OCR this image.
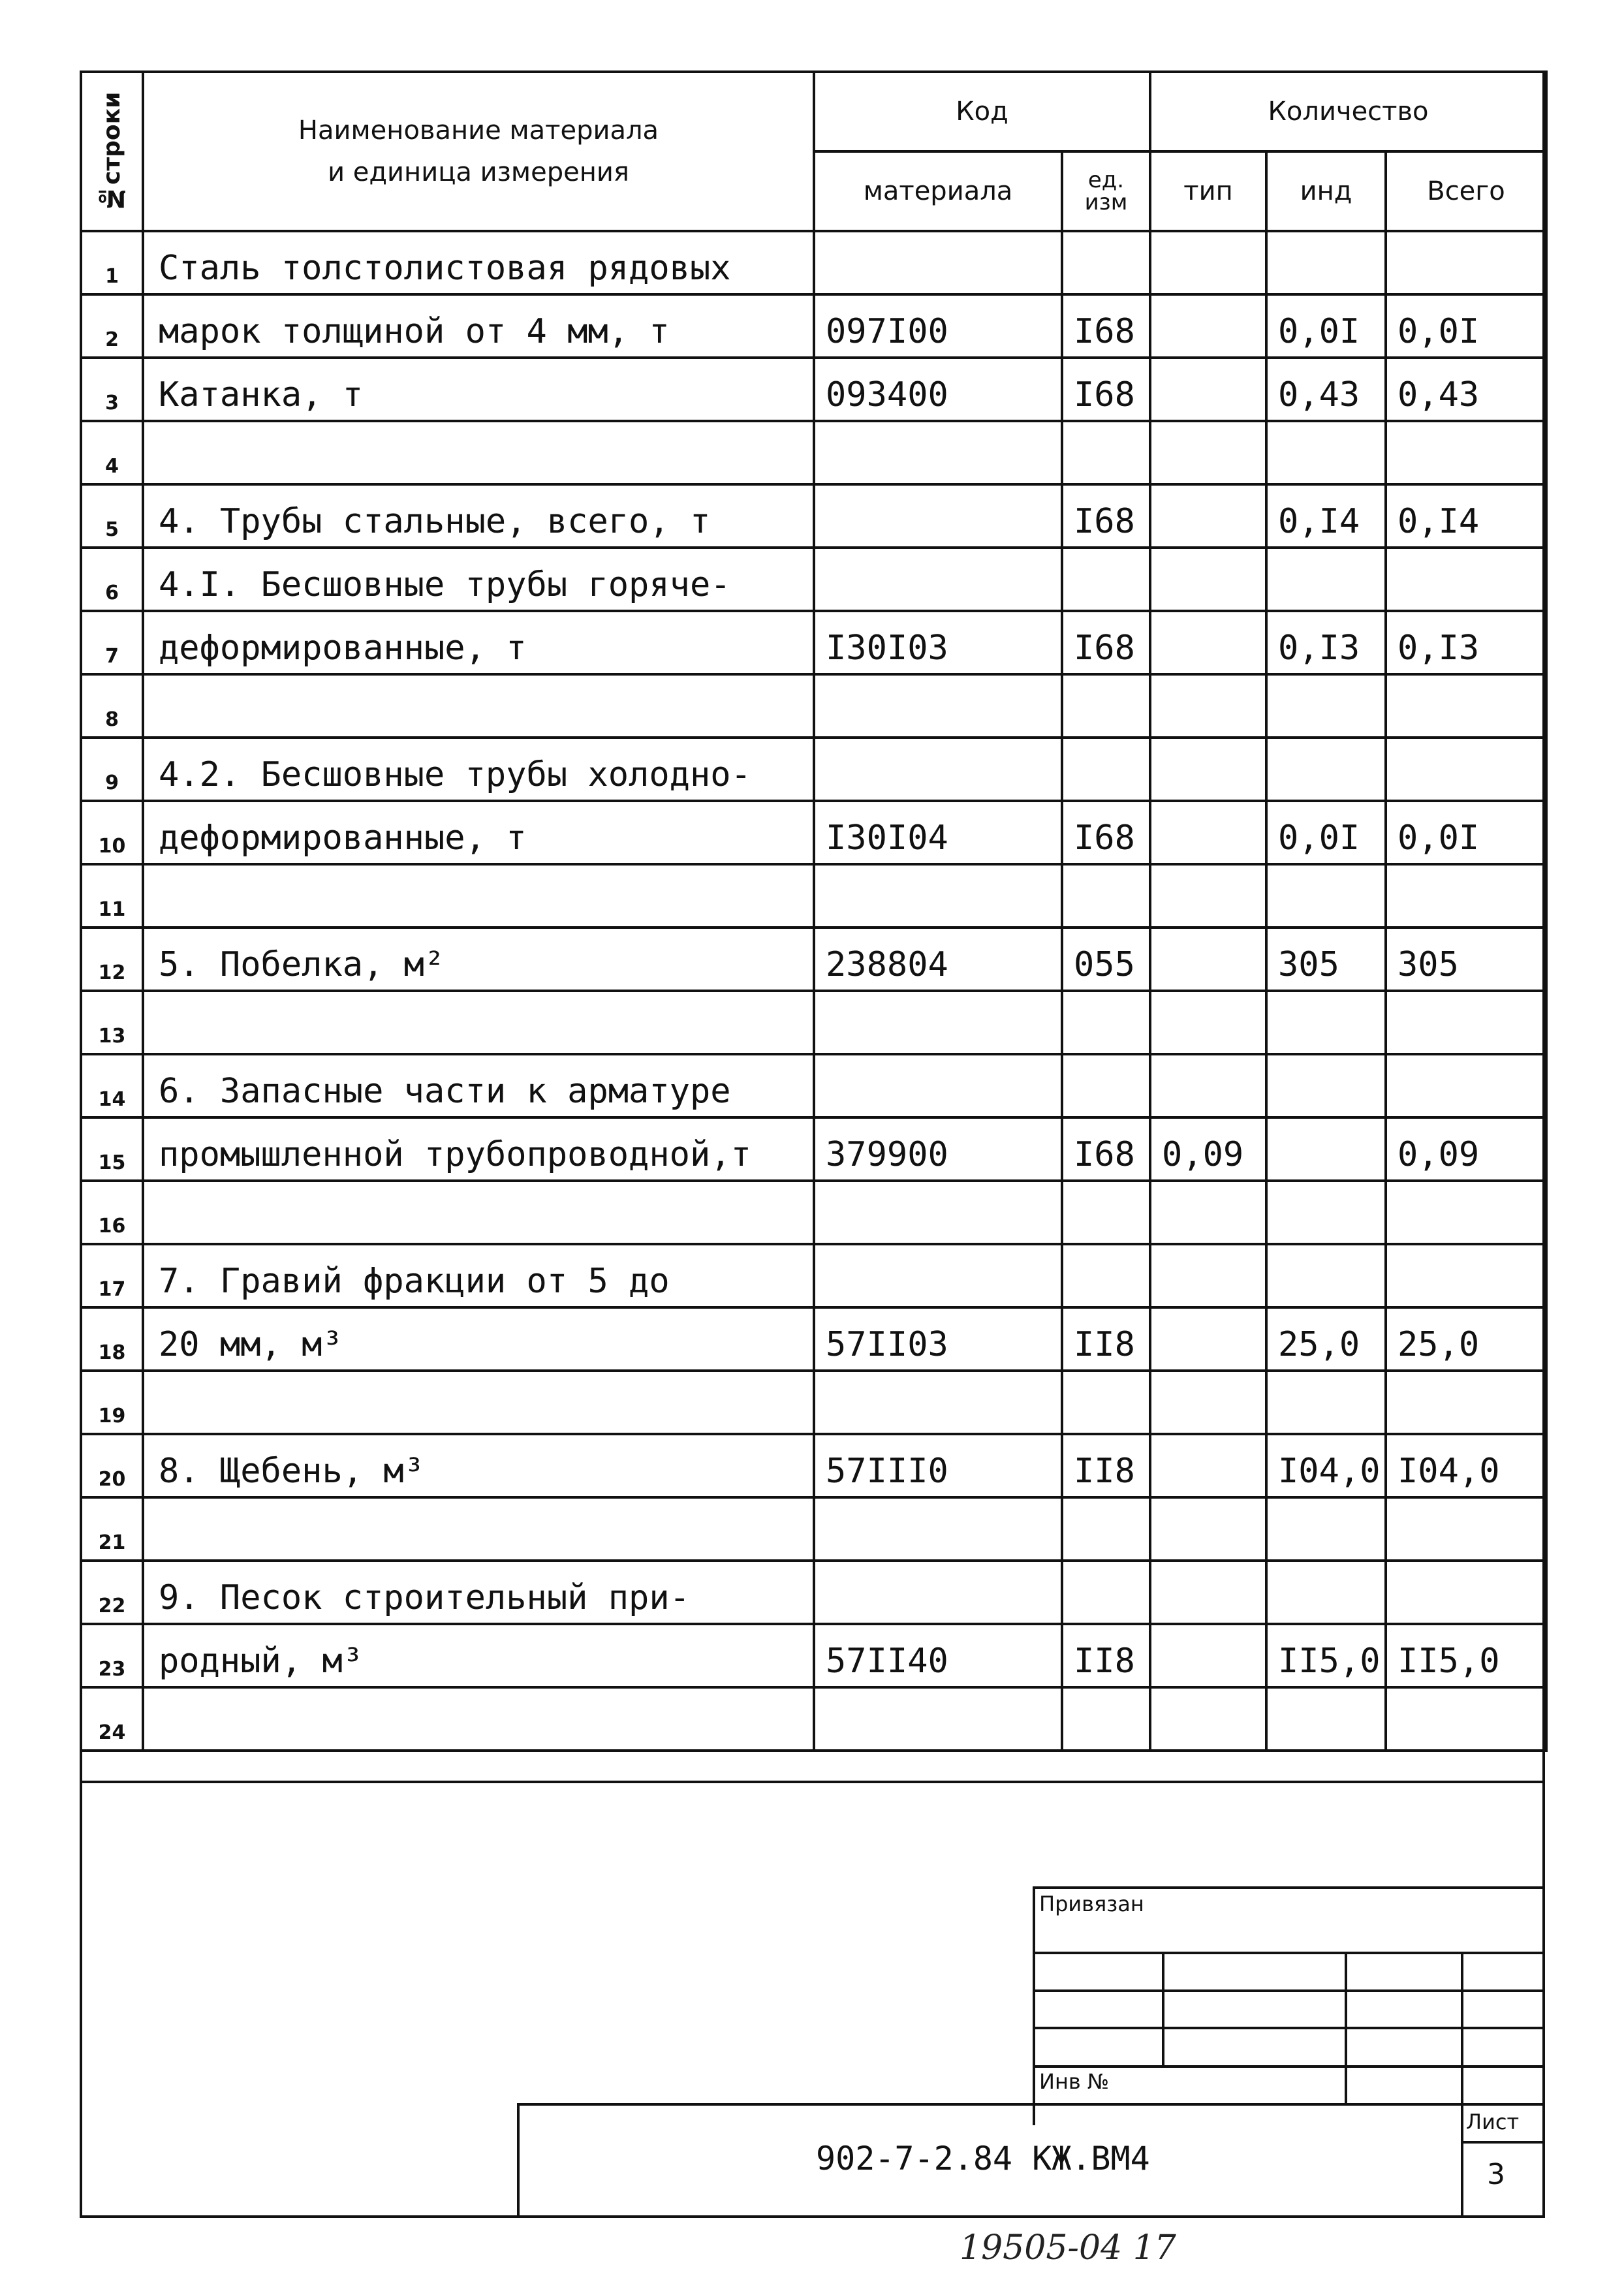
№строки	Наименование материала
и единица измерения	Код		Количество		
		материала	ед. изм	тип	инд	Всего
1	Сталь толстолистовая рядовых					
2	марок толщиной от 4 мм, т	097I00	I68		0,0I	0,0I
3	Катанка, т	093400	I68		0,43	0,43
4						
5	4. Трубы стальные, всего, т		I68		0,I4	0,I4
6	4.I. Бесшовные трубы горяче-					
7	деформированные, т	I30I03	I68		0,I3	0,I3
8						
9	4.2. Бесшовные трубы холодно-					
10	деформированные, т	I30I04	I68		0,0I	0,0I
11						
12	5. Побелка, м²	238804	055		305	305
13						
14	6. Запасные части к арматуре					
15	промышленной трубопроводной,т	379900	I68	0,09		0,09
16						
17	7. Гравий фракции от 5 до					
18	20 мм, м³	57II03	II8		25,0	25,0
19						
20	8. Щебень, м³	57III0	II8		I04,0	I04,0
21						
22	9. Песок строительный при-					
23	родный, м³	57II40	II8		II5,0	II5,0
24						
Привязан
Инв №
Лист
3
902-7-2.84 КЖ.ВМ4
19505-04 17
